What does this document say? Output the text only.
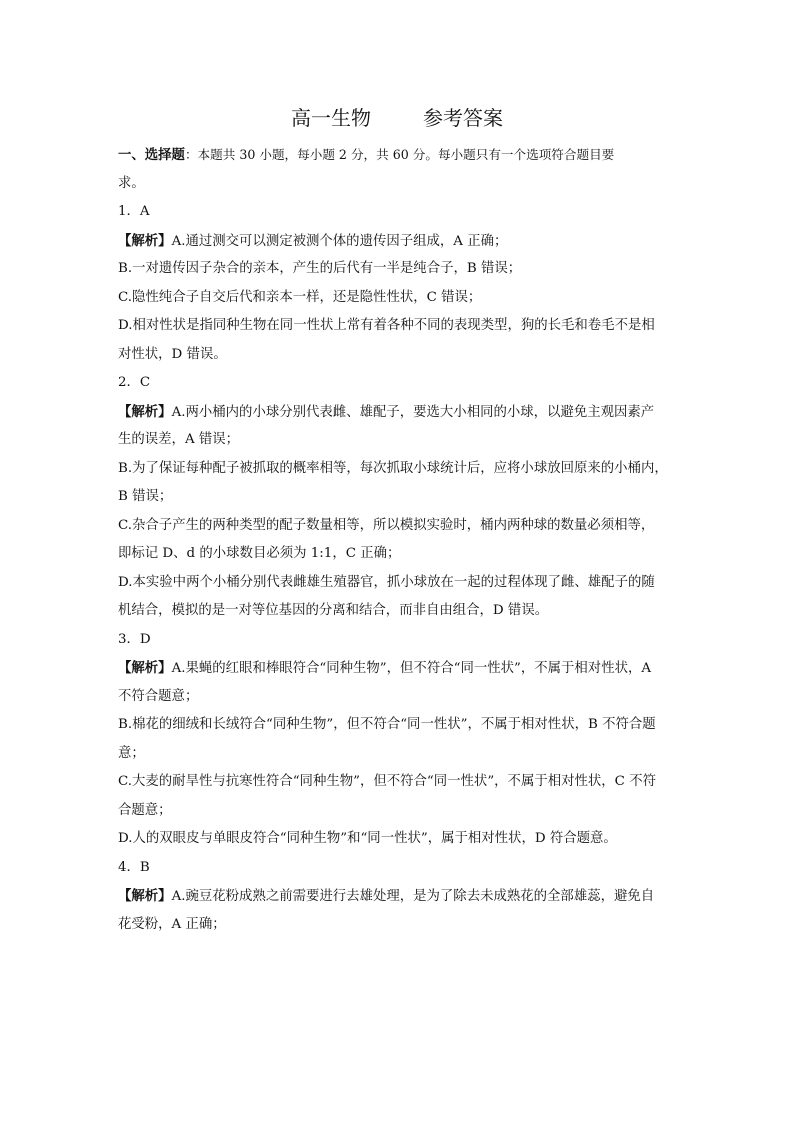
高一生物	参考答案
一、选择题：本题共 30 小题，每小题 2 分，共 60 分。每小题只有一个选项符合题目要
求。
1．A
【解析】A.通过测交可以测定被测个体的遗传因子组成，A 正确；
B.一对遗传因子杂合的亲本，产生的后代有一半是纯合子，B 错误；
C.隐性纯合子自交后代和亲本一样，还是隐性性状，C 错误；
D.相对性状是指同种生物在同一性状上常有着各种不同的表现类型，狗的长毛和卷毛不是相
对性状，D 错误。
2．C
【解析】A.两小桶内的小球分别代表雌、雄配子，要选大小相同的小球，以避免主观因素产
生的误差，A 错误；
B.为了保证每种配子被抓取的概率相等，每次抓取小球统计后，应将小球放回原来的小桶内，
B 错误；
C.杂合子产生的两种类型的配子数量相等，所以模拟实验时，桶内两种球的数量必须相等，
即标记 D、d 的小球数目必须为 1:1，C 正确；
D.本实验中两个小桶分别代表雌雄生殖器官，抓小球放在一起的过程体现了雌、雄配子的随
机结合，模拟的是一对等位基因的分离和结合，而非自由组合，D 错误。
3．D
【解析】A.果蝇的红眼和棒眼符合“同种生物”，但不符合“同一性状”，不属于相对性状，A
不符合题意；
B.棉花的细绒和长绒符合“同种生物”，但不符合“同一性状”，不属于相对性状，B 不符合题
意；
C.大麦的耐旱性与抗寒性符合“同种生物”，但不符合“同一性状”，不属于相对性状，C 不符
合题意；
D.人的双眼皮与单眼皮符合“同种生物”和“同一性状”，属于相对性状，D 符合题意。
4．B
【解析】A.豌豆花粉成熟之前需要进行去雄处理，是为了除去未成熟花的全部雄蕊，避免自
花受粉，A 正确；
